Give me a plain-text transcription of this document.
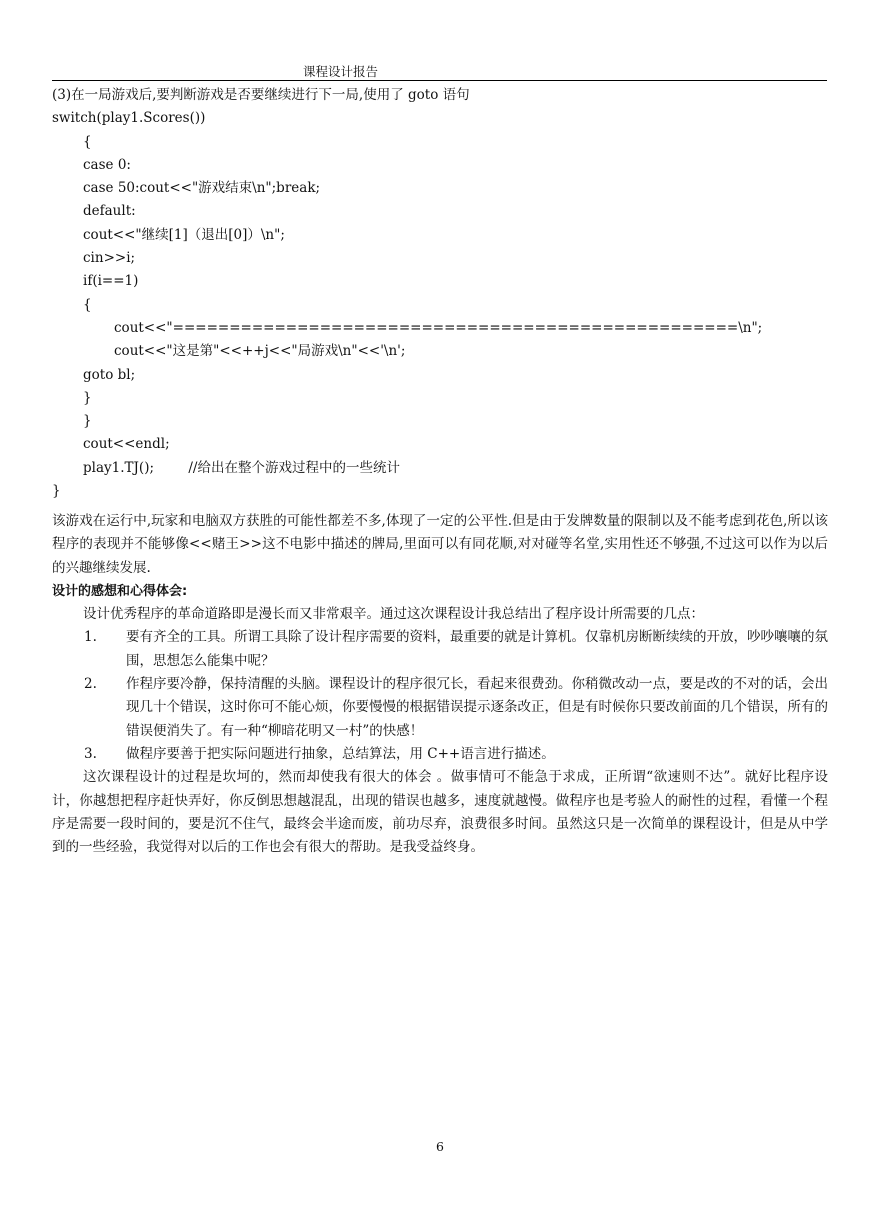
课程设计报告
(3)在一局游戏后,要判断游戏是否要继续进行下一局,使用了 goto 语句
switch(play1.Scores())
{
case 0:
case 50:cout<<"游戏结束\n";break;
default:
cout<<"继续[1]（退出[0]）\n";
cin>>i;
if(i==1)
{
cout<<"==================================================\n";
cout<<"这是第"<<++j<<"局游戏\n"<<'\n';
goto bl;
}
}
cout<<endl;
play1.TJ();        //给出在整个游戏过程中的一些统计
}
该游戏在运行中,玩家和电脑双方获胜的可能性都差不多,体现了一定的公平性.但是由于发牌数量的限制以及不能考虑到花色,所以该程序的表现并不能够像<<赌王>>这不电影中描述的牌局,里面可以有同花顺,对对碰等名堂,实用性还不够强,不过这可以作为以后的兴趣继续发展.
设计的感想和心得体会:
设计优秀程序的革命道路即是漫长而又非常艰辛。通过这次课程设计我总结出了程序设计所需要的几点：
1. 要有齐全的工具。所谓工具除了设计程序需要的资料，最重要的就是计算机。仅靠机房断断续续的开放，吵吵嚷嚷的氛围，思想怎么能集中呢？
2. 作程序要冷静，保持清醒的头脑。课程设计的程序很冗长，看起来很费劲。你稍微改动一点，要是改的不对的话，会出现几十个错误，这时你可不能心烦，你要慢慢的根据错误提示逐条改正，但是有时候你只要改前面的几个错误，所有的错误便消失了。有一种“柳暗花明又一村”的快感！
3. 做程序要善于把实际问题进行抽象，总结算法，用 C++语言进行描述。
这次课程设计的过程是坎坷的，然而却使我有很大的体会 。做事情可不能急于求成，正所谓“欲速则不达”。就好比程序设计，你越想把程序赶快弄好，你反倒思想越混乱，出现的错误也越多，速度就越慢。做程序也是考验人的耐性的过程，看懂一个程序是需要一段时间的，要是沉不住气，最终会半途而废，前功尽弃，浪费很多时间。虽然这只是一次简单的课程设计，但是从中学到的一些经验，我觉得对以后的工作也会有很大的帮助。是我受益终身。
6
